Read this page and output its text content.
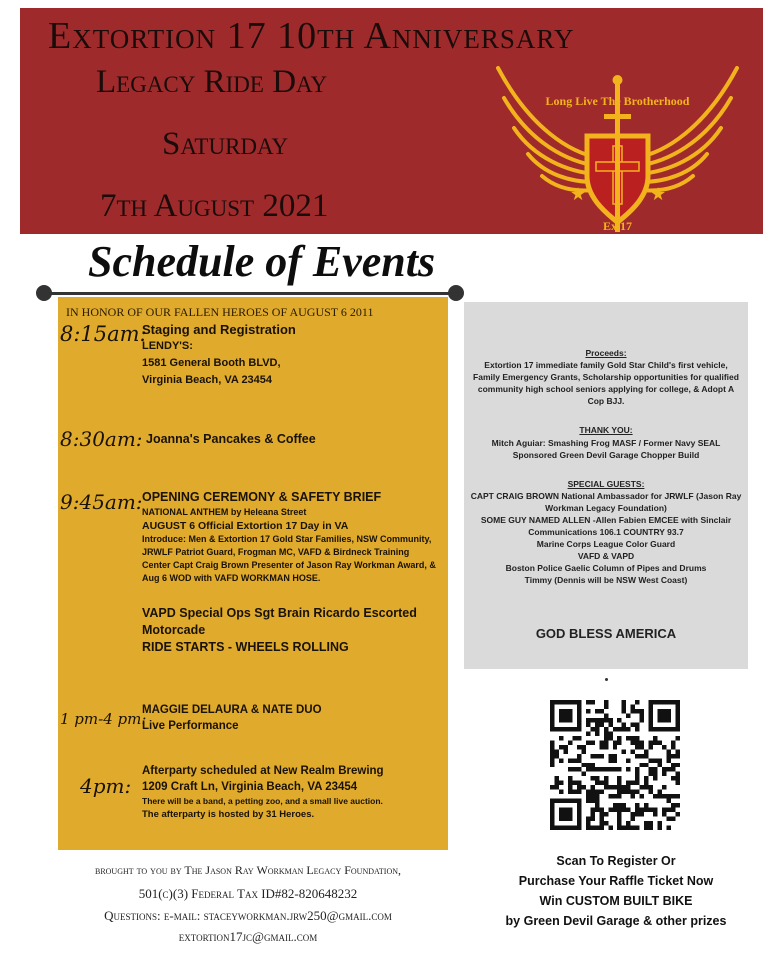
Extortion 17 10th Anniversary
Legacy Ride Day
Saturday
7th August 2021	★	★
Long Live The Brotherhood
Ex 17
Schedule of Events
IN HONOR OF OUR FALLEN HEROES OF AUGUST 6 2011
8:15am:
Staging and Registration
LENDY'S:
1581 General Booth BLVD,
Virginia Beach, VA 23454
8:30am: Joanna's Pancakes & Coffee
9:45am: OPENING CEREMONY & SAFETY BRIEF
NATIONAL ANTHEM by Heleana Street
AUGUST 6 Official Extortion 17 Day in VA
Introduce: Men & Extortion 17 Gold Star Families, NSW Community, JRWLF Patriot Guard, Frogman MC, VAFD & Birdneck Training Center Capt Craig Brown Presenter of Jason Ray Workman Award, & Aug 6 WOD with VAFD WORKMAN HOSE.
VAPD Special Ops Sgt Brain Ricardo Escorted Motorcade
RIDE STARTS - WHEELS ROLLING
1 pm-4 pm:
MAGGIE DELAURA & NATE DUO
Live Performance
4pm:
Afterparty scheduled at New Realm Brewing
1209 Craft Ln, Virginia Beach, VA 23454
There will be a band, a petting zoo, and a small live auction.
The afterparty is hosted by 31 Heroes.
Proceeds:
Extortion 17 immediate family Gold Star Child's first vehicle, Family Emergency Grants, Scholarship opportunities for qualified community high school seniors applying for college, & Adopt A Cop BJJ.
THANK YOU:
Mitch Aguiar: Smashing Frog MASF / Former Navy SEAL Sponsored Green Devil Garage Chopper Build
SPECIAL GUESTS:
CAPT CRAIG BROWN National Ambassador for JRWLF (Jason Ray Workman Legacy Foundation)
SOME GUY NAMED ALLEN -Allen Fabien EMCEE with Sinclair Communications 106.1 COUNTRY 93.7
Marine Corps League Color Guard
VAFD & VAPD
Boston Police Gaelic Column of Pipes and Drums
Timmy (Dennis will be NSW West Coast)
GOD BLESS AMERICA
Scan To Register Or
Purchase Your Raffle Ticket Now
Win CUSTOM BUILT BIKE
by Green Devil Garage & other prizes
brought to you by The Jason Ray Workman Legacy Foundation,
501(c)(3) Federal Tax ID#82-820648232
Questions: e-mail: staceyworkman.jrw250@gmail.com
extortion17jc@gmail.com
